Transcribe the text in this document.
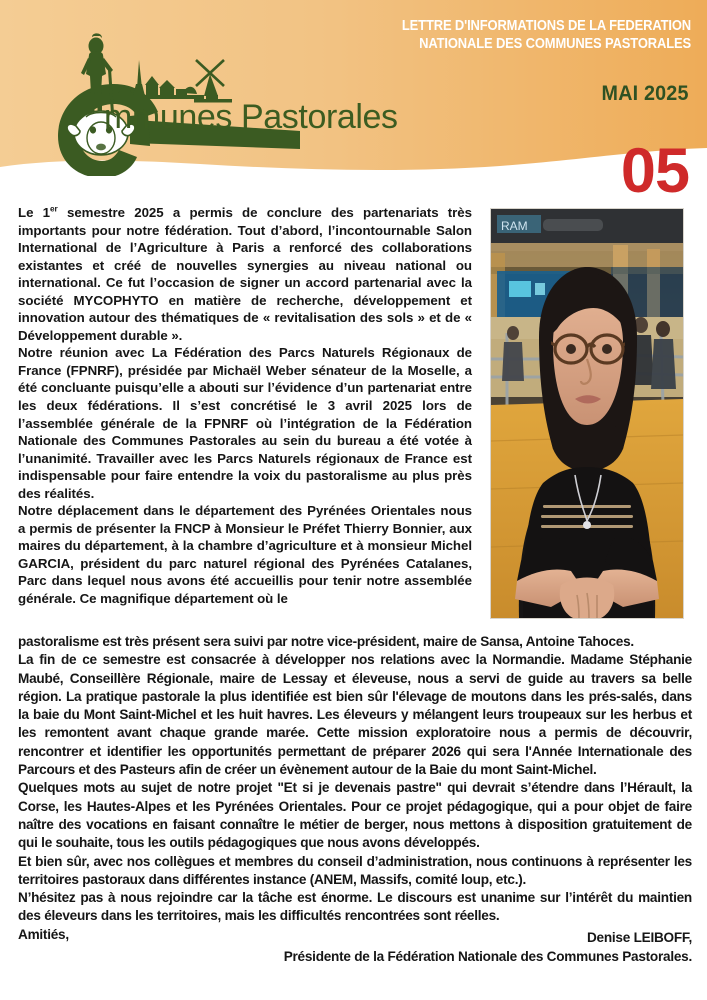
LETTRE D'INFORMATIONS DE LA FEDERATION
NATIONALE DES COMMUNES PASTORALES
MAI 2025
05
mmunes Pastorales
RAM

Le 1er semestre 2025 a permis de conclure des partenariats très importants pour notre fédération. Tout d’abord, l’incontournable Salon International de l’Agriculture à Paris a renforcé des collaborations existantes et créé de nouvelles synergies au niveau national ou international. Ce fut l’occasion de signer un accord partenarial avec la société MYCOPHYTO en matière de recherche, développement et innovation autour des thématiques de « revitalisation des sols » et de « Développement durable ».

Notre réunion avec La Fédération des Parcs Naturels Régionaux de France (FPNRF), présidée par Michaël Weber sénateur de la Moselle, a été concluante puisqu’elle a abouti sur l’évidence d’un partenariat entre les deux fédérations. Il s’est concrétisé le 3 avril 2025 lors de l’assemblée générale de la FPNRF où l’intégration de la Fédération Nationale des Communes Pastorales au sein du bureau a été votée à l’unanimité. Travailler avec les Parcs Naturels régionaux de France est indispensable pour faire entendre la voix du pastoralisme au plus près des réalités.

Notre déplacement dans le département des Pyrénées Orientales nous a permis de présenter la FNCP à Monsieur le Préfet Thierry Bonnier, aux maires du département, à la chambre d’agriculture et à monsieur Michel GARCIA, président du parc naturel régional des Pyrénées Catalanes, Parc dans lequel nous avons été accueillis pour tenir notre assemblée générale. Ce magnifique département où le

pastoralisme est très présent sera suivi par notre vice-président, maire de Sansa, Antoine Tahoces.

La fin de ce semestre est consacrée à développer nos relations avec la Normandie. Madame Stéphanie Maubé, Conseillère Régionale, maire de Lessay et éleveuse, nous a servi de guide au travers sa belle région. La pratique pastorale la plus identifiée est bien sûr l'élevage de moutons dans les prés-salés, dans la baie du Mont Saint-Michel et les huit havres. Les éleveurs y mélangent leurs troupeaux sur les herbus et les remontent avant chaque grande marée. Cette mission exploratoire nous a permis de découvrir, rencontrer et identifier les opportunités permettant de préparer 2026 qui sera l'Année Internationale des Parcours et des Pasteurs afin de créer un évènement autour de la Baie du mont Saint-Michel.

Quelques mots au sujet de notre projet "Et si je devenais pastre" qui devrait s’étendre dans l’Hérault, la Corse, les Hautes-Alpes et les Pyrénées Orientales. Pour ce projet pédagogique, qui a pour objet de faire naître des vocations en faisant connaître le métier de berger, nous mettons à disposition gratuitement de qui le souhaite, tous les outils pédagogiques que nous avons développés.

Et bien sûr, avec nos collègues et membres du conseil d’administration, nous continuons à représenter les territoires pastoraux dans différentes instance (ANEM, Massifs, comité loup, etc.).

N’hésitez pas à nous rejoindre car la tâche est énorme. Le discours est unanime sur l’intérêt du maintien des éleveurs dans les territoires, mais les difficultés rencontrées sont réelles.

Amitiés,	Denise LEIBOFF,
Présidente de la Fédération Nationale des Communes Pastorales.
